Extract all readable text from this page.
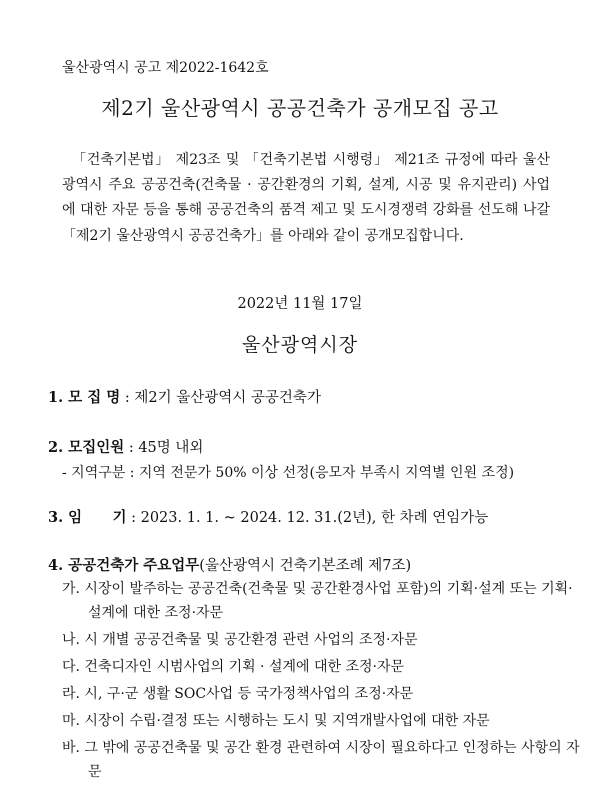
울산광역시 공고 제2022-1642호
제2기 울산광역시 공공건축가 공개모집 공고
「건축기본법」 제23조 및 「건축기본법 시행령」 제21조 규정에 따라 울산광역시 주요 공공건축(건축물 · 공간환경의 기획, 설계, 시공 및 유지관리) 사업에 대한 자문 등을 통해 공공건축의 품격 제고 및 도시경쟁력 강화를 선도해 나갈 「제2기 울산광역시 공공건축가」를 아래와 같이 공개모집합니다.
2022년 11월 17일
울산광역시장
1. 모 집 명 : 제2기 울산광역시 공공건축가
2. 모집인원 : 45명 내외
- 지역구분 : 지역 전문가 50% 이상 선정(응모자 부족시 지역별 인원 조정)
3. 임      기 : 2023. 1. 1. ~ 2024. 12. 31.(2년), 한 차례 연임가능
4. 공공건축가 주요업무(울산광역시 건축기본조례 제7조)
가. 시장이 발주하는 공공건축(건축물 및 공간환경사업 포함)의 기획·설계 또는 기획·설계에 대한 조정·자문
나. 시 개별 공공건축물 및 공간환경 관련 사업의 조정·자문
다. 건축디자인 시범사업의 기획 · 설계에 대한 조정·자문
라. 시, 구·군 생활 SOC사업 등 국가정책사업의 조정·자문
마. 시장이 수립·결정 또는 시행하는 도시 및 지역개발사업에 대한 자문
바. 그 밖에 공공건축물 및 공간 환경 관련하여 시장이 필요하다고 인정하는 사항의 자문
